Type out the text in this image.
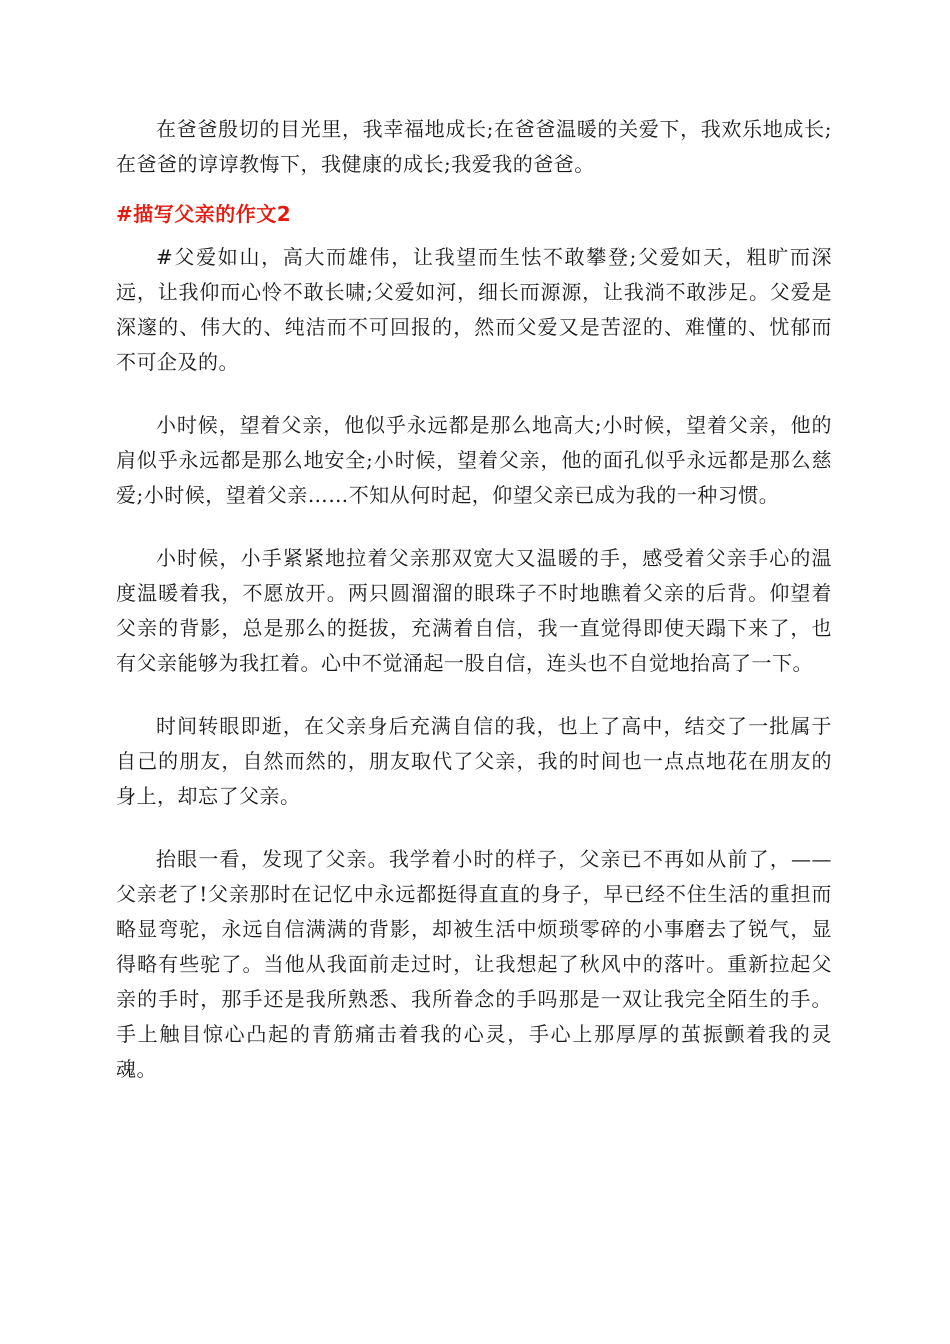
在爸爸殷切的目光里，我幸福地成长;在爸爸温暖的关爱下，我欢乐地成长;在爸爸的谆谆教悔下，我健康的成长;我爱我的爸爸。

#描写父亲的作文2

#父爱如山，高大而雄伟，让我望而生怯不敢攀登;父爱如天，粗旷而深远，让我仰而心怜不敢长啸;父爱如河，细长而源源，让我淌不敢涉足。父爱是深邃的、伟大的、纯洁而不可回报的，然而父爱又是苦涩的、难懂的、忧郁而不可企及的。

小时候，望着父亲，他似乎永远都是那么地高大;小时候，望着父亲，他的肩似乎永远都是那么地安全;小时候，望着父亲，他的面孔似乎永远都是那么慈爱;小时候，望着父亲……不知从何时起，仰望父亲已成为我的一种习惯。

小时候，小手紧紧地拉着父亲那双宽大又温暖的手，感受着父亲手心的温度温暖着我，不愿放开。两只圆溜溜的眼珠子不时地瞧着父亲的后背。仰望着父亲的背影，总是那么的挺拔，充满着自信，我一直觉得即使天蹋下来了，也有父亲能够为我扛着。心中不觉涌起一股自信，连头也不自觉地抬高了一下。

时间转眼即逝，在父亲身后充满自信的我，也上了高中，结交了一批属于自己的朋友，自然而然的，朋友取代了父亲，我的时间也一点点地花在朋友的身上，却忘了父亲。

抬眼一看，发现了父亲。我学着小时的样子，父亲已不再如从前了，——父亲老了!父亲那时在记忆中永远都挺得直直的身子，早已经不住生活的重担而略显弯驼，永远自信满满的背影，却被生活中烦琐零碎的小事磨去了锐气，显得略有些驼了。当他从我面前走过时，让我想起了秋风中的落叶。重新拉起父亲的手时，那手还是我所熟悉、我所眷念的手吗那是一双让我完全陌生的手。手上触目惊心凸起的青筋痛击着我的心灵，手心上那厚厚的茧振颤着我的灵魂。
